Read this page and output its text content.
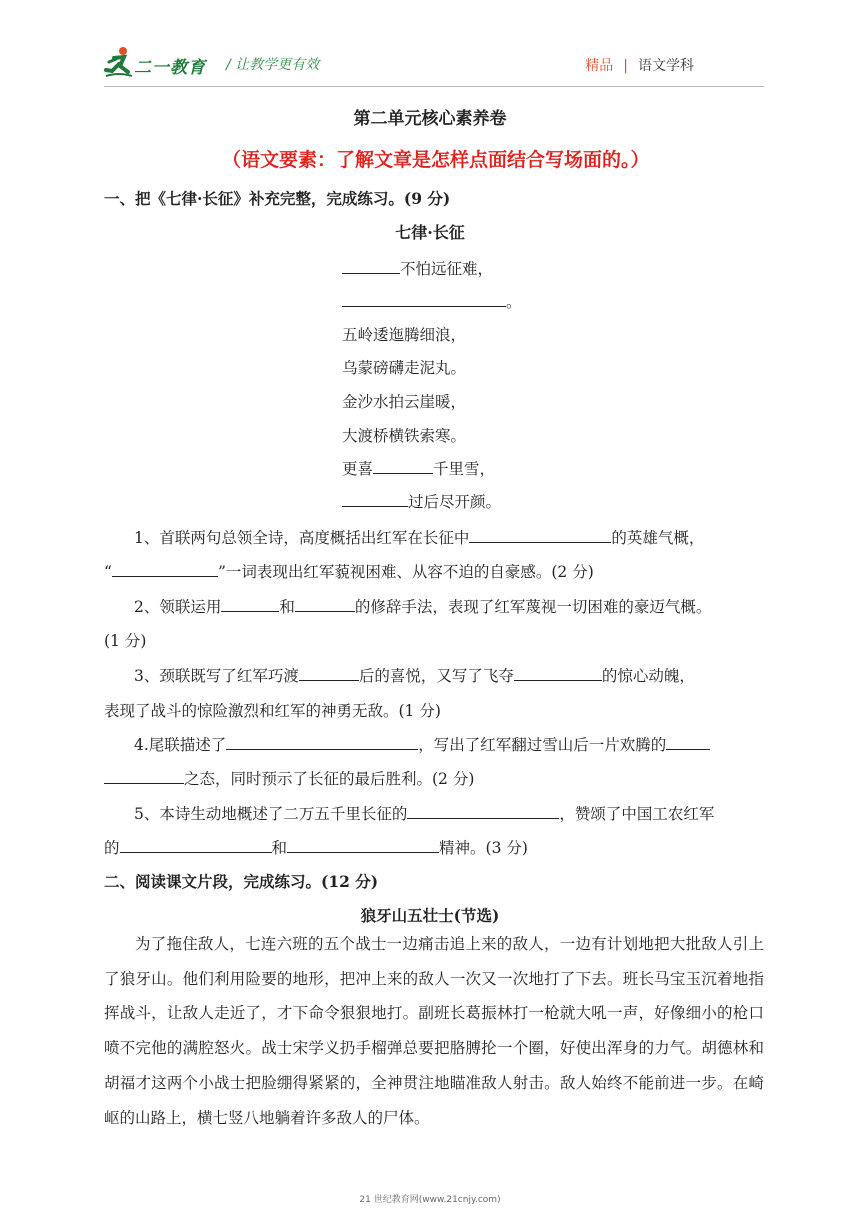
二一教育 / 让教学更有效	精品 | 语文学科
第二单元核心素养卷
（语文要素：了解文章是怎样点面结合写场面的。）
一、把《七律·长征》补充完整，完成练习。(9 分)
七律·长征
不怕远征难，
。
五岭逶迤腾细浪，
乌蒙磅礴走泥丸。
金沙水拍云崖暖，
大渡桥横铁索寒。
更喜	千里雪，
过后尽开颜。
1、首联两句总领全诗，高度概括出红军在长征中	的英雄气概，
“	”一词表现出红军藐视困难、从容不迫的自豪感。(2 分)
2、领联运用	和	的修辞手法，表现了红军蔑视一切困难的豪迈气概。
(1 分)
3、颈联既写了红军巧渡	后的喜悦，又写了飞夺	的惊心动魄，
表现了战斗的惊险激烈和红军的神勇无敌。(1 分)
4.尾联描述了	，写出了红军翻过雪山后一片欢腾的
之态，同时预示了长征的最后胜利。(2 分)
5、本诗生动地概述了二万五千里长征的	，赞颂了中国工农红军
的	和	精神。(3 分)
二、阅读课文片段，完成练习。(12 分)
狼牙山五壮士(节选)
为了拖住敌人，七连六班的五个战士一边痛击追上来的敌人，一边有计划地把大批敌人引上了狼牙山。他们利用险要的地形，把冲上来的敌人一次又一次地打了下去。班长马宝玉沉着地指挥战斗，让敌人走近了，才下命令狠狠地打。副班长葛振林打一枪就大吼一声，好像细小的枪口喷不完他的满腔怒火。战士宋学义扔手榴弹总要把胳膊抡一个圈，好使出浑身的力气。胡德林和胡福才这两个小战士把脸绷得紧紧的，全神贯注地瞄准敌人射击。敌人始终不能前进一步。在崎岖的山路上，横七竖八地躺着许多敌人的尸体。
21 世纪教育网(www.21cnjy.com)
